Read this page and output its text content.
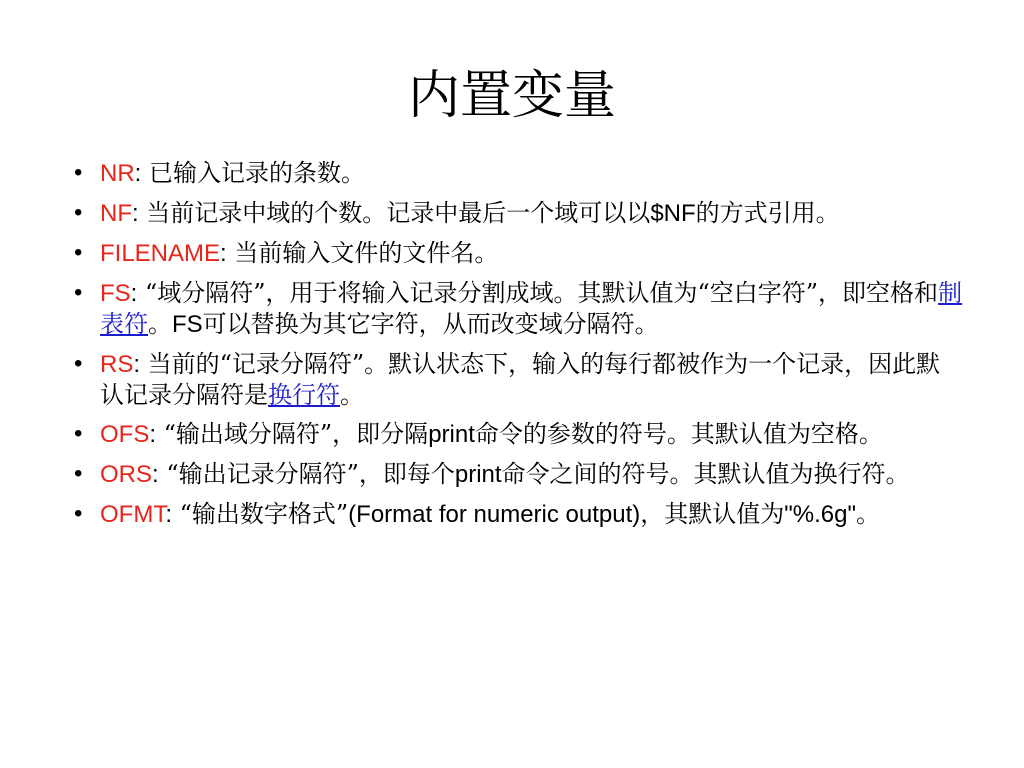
内置变量
• NR: 已输入记录的条数。
• NF: 当前记录中域的个数。记录中最后一个域可以以$NF的方式引用。
• FILENAME: 当前输入文件的文件名。
• FS: “域分隔符”，用于将输入记录分割成域。其默认值为“空白字符”，即空格和制表符。FS可以替换为其它字符，从而改变域分隔符。
• RS: 当前的“记录分隔符”。默认状态下，输入的每行都被作为一个记录，因此默认记录分隔符是换行符。
• OFS: “输出域分隔符”，即分隔print命令的参数的符号。其默认值为空格。
• ORS: “输出记录分隔符”，即每个print命令之间的符号。其默认值为换行符。
• OFMT: “输出数字格式”(Format for numeric output)，其默认值为"%.6g"。
